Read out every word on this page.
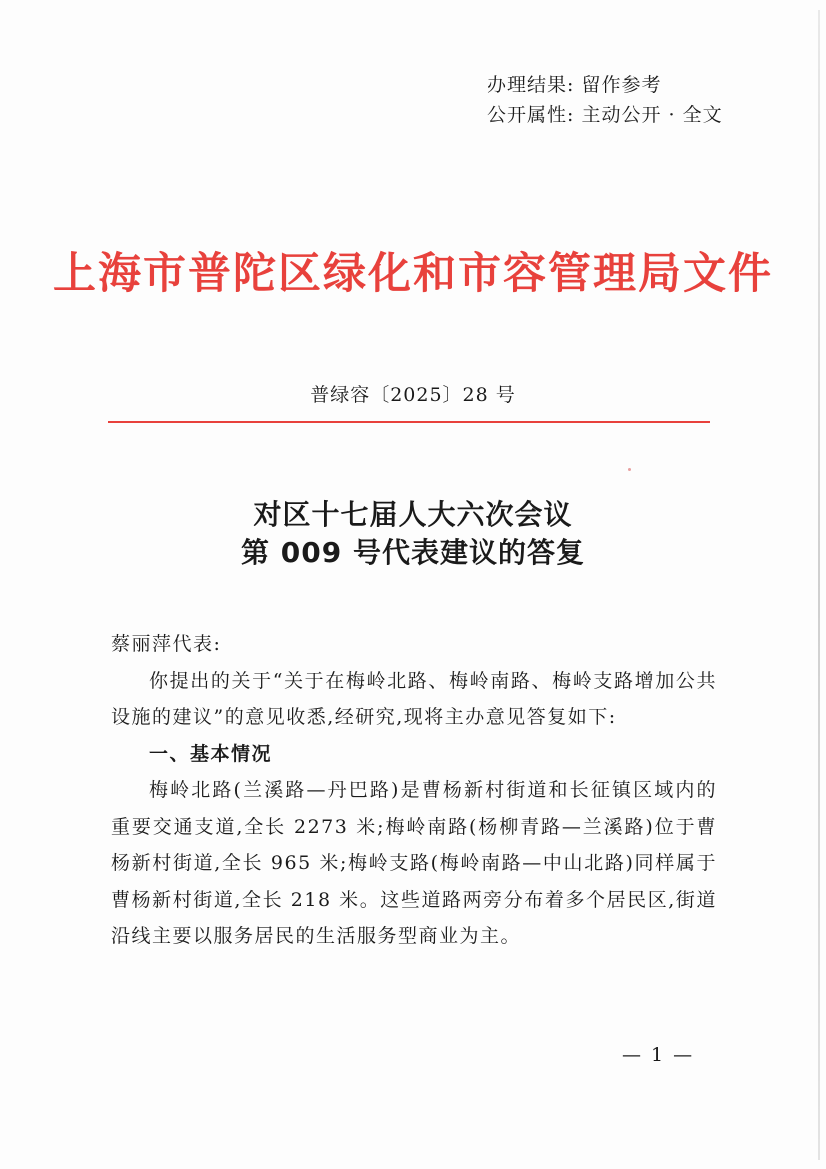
办理结果: 留作参考
公开属性: 主动公开 · 全文
上海市普陀区绿化和市容管理局文件
普绿容〔2025〕28 号
对区十七届人大六次会议
第 009 号代表建议的答复

蔡丽萍代表:

你提出的关于“关于在梅岭北路、梅岭南路、梅岭支路增加公共设施的建议”的意见收悉,经研究,现将主办意见答复如下:

一、基本情况

梅岭北路(兰溪路—丹巴路)是曹杨新村街道和长征镇区域内的重要交通支道,全长 2273 米;梅岭南路(杨柳青路—兰溪路)位于曹杨新村街道,全长 965 米;梅岭支路(梅岭南路—中山北路)同样属于曹杨新村街道,全长 218 米。这些道路两旁分布着多个居民区,街道沿线主要以服务居民的生活服务型商业为主。

— 1 —
